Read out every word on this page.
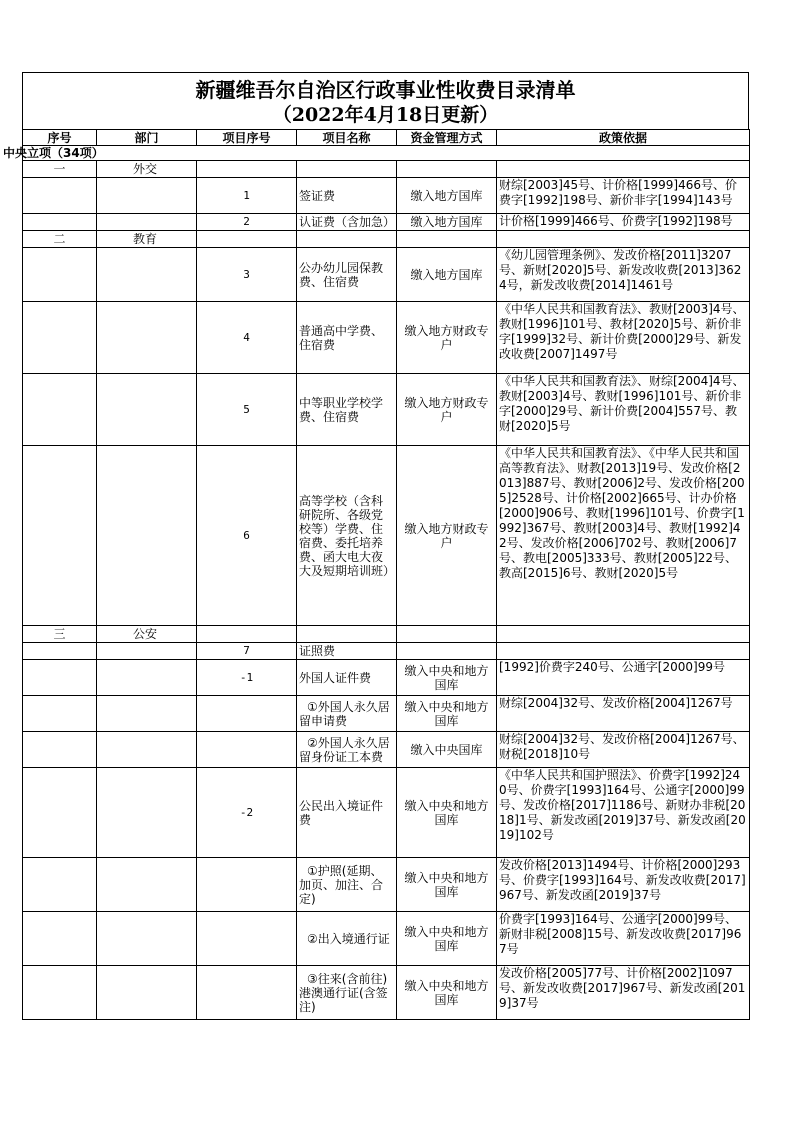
新疆维吾尔自治区行政事业性收费目录清单
（2022年4月18日更新）
序号	部门	项目序号	项目名称	资金管理方式	政策依据
中央立项（34项）					
一	外交				
		1	签证费	缴入地方国库	财综[2003]45号、计价格[1999]466号、价费字[1992]198号、新价非字[1994]143号

		2	认证费（含加急）	缴入地方国库	计价格[1999]466号、价费字[1992]198号

二	教育				
		3	公办幼儿园保教费、住宿费	缴入地方国库	《幼儿园管理条例》、发改价格[2011]3207号、新财[2020]5号、新发改收费[2013]3624号，新发改收费[2014]1461号

		4	普通高中学费、住宿费	缴入地方财政专户	《中华人民共和国教育法》、教财[2003]4号、教财[1996]101号、教材[2020]5号、新价非字[1999]32号、新计价费[2000]29号、新发改收费[2007]1497号

		5	中等职业学校学费、住宿费	缴入地方财政专户	《中华人民共和国教育法》、财综[2004]4号、教财[2003]4号、教财[1996]101号、新价非字[2000]29号、新计价费[2004]557号、教财[2020]5号

		6	高等学校（含科研院所、各级党校等）学费、住宿费、委托培养费、函大电大夜大及短期培训班）	缴入地方财政专户	《中华人民共和国教育法》、《中华人民共和国高等教育法》、财教[2013]19号、发改价格[2013]887号、教财[2006]2号、发改价格[2005]2528号、计价格[2002]665号、计办价格[2000]906号、教财[1996]101号、价费字[1992]367号、教财[2003]4号、教财[1992]42号、发改价格[2006]702号、教财[2006]7号、教电[2005]333号、教财[2005]22号、教高[2015]6号、教财[2020]5号

三	公安				
		7	证照费		

		-1	外国人证件费	缴入中央和地方国库	[1992]价费字240号、公通字[2000]99号

			①外国人永久居留申请费	缴入中央和地方国库	财综[2004]32号、发改价格[2004]1267号

			②外国人永久居留身份证工本费	缴入中央国库	财综[2004]32号、发改价格[2004]1267号、财税[2018]10号

		-2	公民出入境证件费	缴入中央和地方国库	《中华人民共和国护照法》、价费字[1992]240号、价费字[1993]164号、公通字[2000]99号、发改价格[2017]1186号、新财办非税[2018]1号、新发改函[2019]37号、新发改函[2019]102号

			①护照(延期、加页、加注、合定)	缴入中央和地方国库	发改价格[2013]1494号、计价格[2000]293号、价费字[1993]164号、新发改收费[2017]967号、新发改函[2019]37号

			②出入境通行证	缴入中央和地方国库	价费字[1993]164号、公通字[2000]99号、新财非税[2008]15号、新发改收费[2017]967号

			③往来(含前往)港澳通行证(含签注)	缴入中央和地方国库	发改价格[2005]77号、计价格[2002]1097号、新发改收费[2017]967号、新发改函[2019]37号
